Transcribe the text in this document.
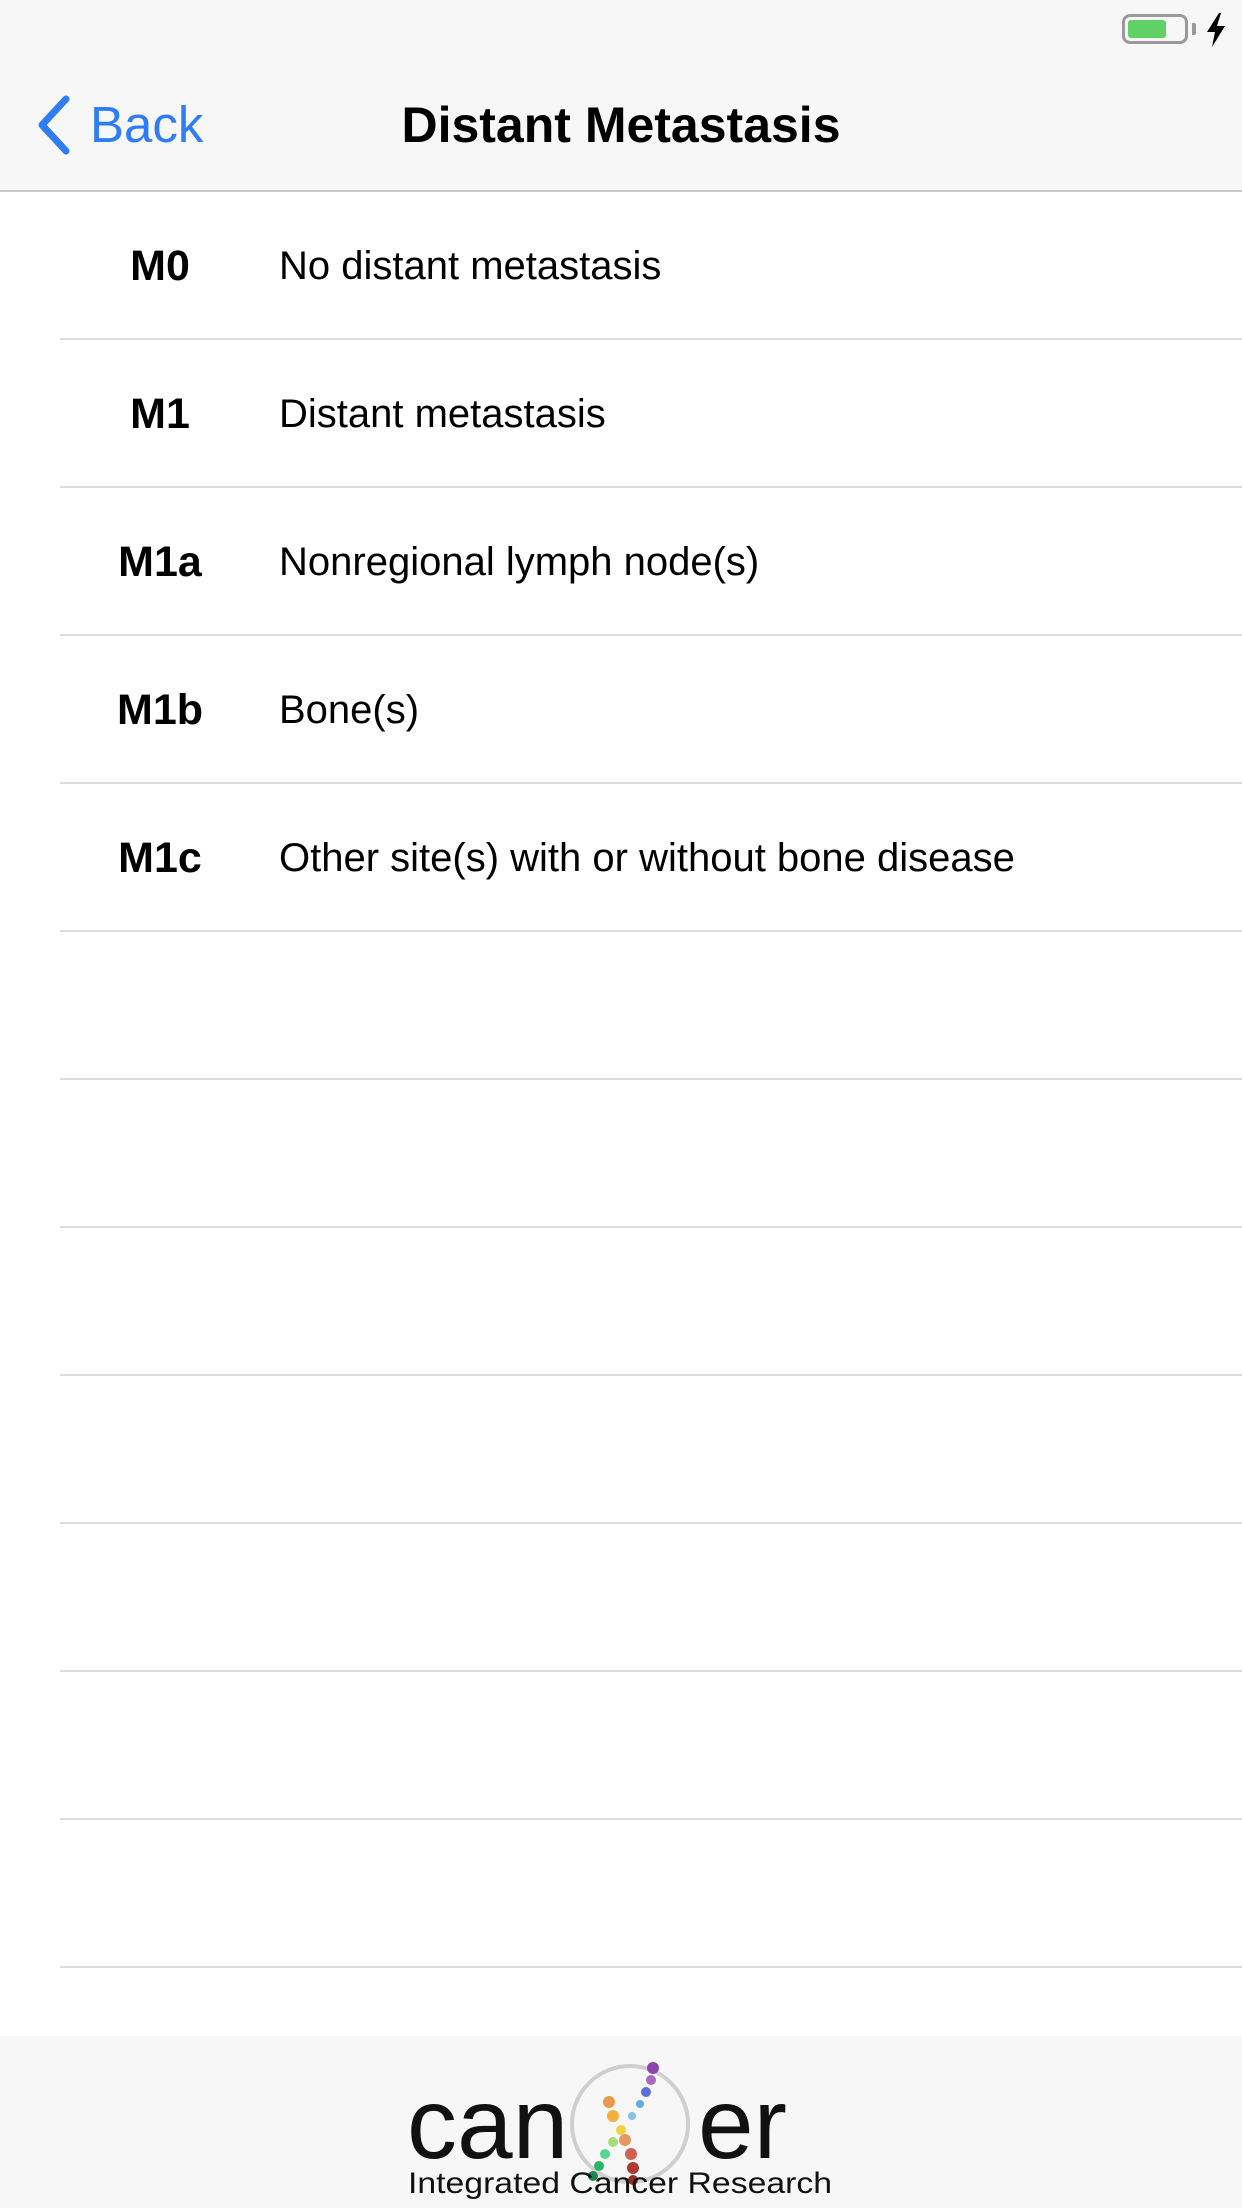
Distant Metastasis
Back
M0	No distant metastasis
M1	Distant metastasis
M1a	Nonregional lymph node(s)
M1b	Bone(s)
M1c	Other site(s) with or without bone disease
can er
Integrated Cancer Research
